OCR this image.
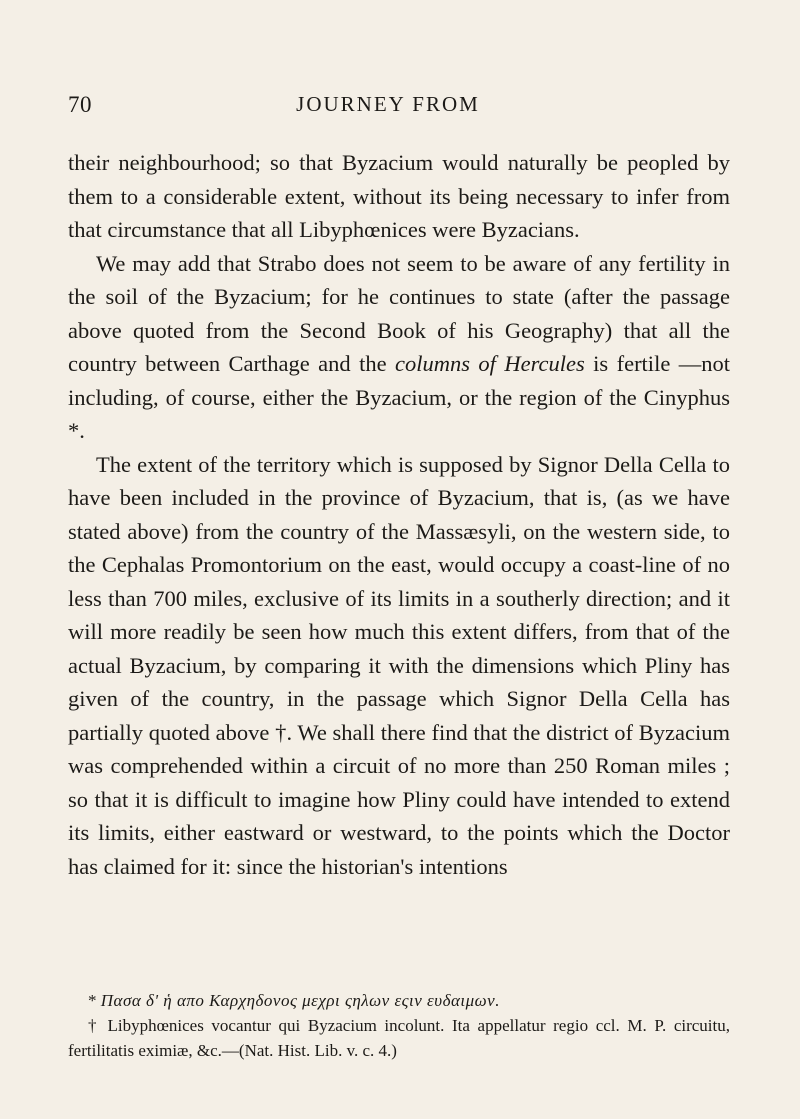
70	JOURNEY FROM

their neighbourhood; so that Byzacium would naturally be peopled by them to a considerable extent, without its being necessary to infer from that circumstance that all Libyphœnices were Byzacians.

We may add that Strabo does not seem to be aware of any fertility in the soil of the Byzacium; for he continues to state (after the passage above quoted from the Second Book of his Geography) that all the country between Carthage and the columns of Hercules is fertile —not including, of course, either the Byzacium, or the region of the Cinyphus *.

The extent of the territory which is supposed by Signor Della Cella to have been included in the province of Byzacium, that is, (as we have stated above) from the country of the Massæsyli, on the western side, to the Cephalas Promontorium on the east, would occupy a coast-line of no less than 700 miles, exclusive of its limits in a southerly direction; and it will more readily be seen how much this extent differs, from that of the actual Byzacium, by comparing it with the dimensions which Pliny has given of the country, in the passage which Signor Della Cella has partially quoted above †. We shall there find that the district of Byzacium was comprehended within a circuit of no more than 250 Roman miles ; so that it is difficult to imagine how Pliny could have intended to extend its limits, either eastward or westward, to the points which the Doctor has claimed for it: since the historian's intentions

* Πασα δ' ἡ απο Καρχηδονος μεχρι ςηλων εςιν ευδαιμων.

† Libyphœnices vocantur qui Byzacium incolunt. Ita appellatur regio ccl. M. P. circuitu, fertilitatis eximiæ, &c.—(Nat. Hist. Lib. v. c. 4.)
